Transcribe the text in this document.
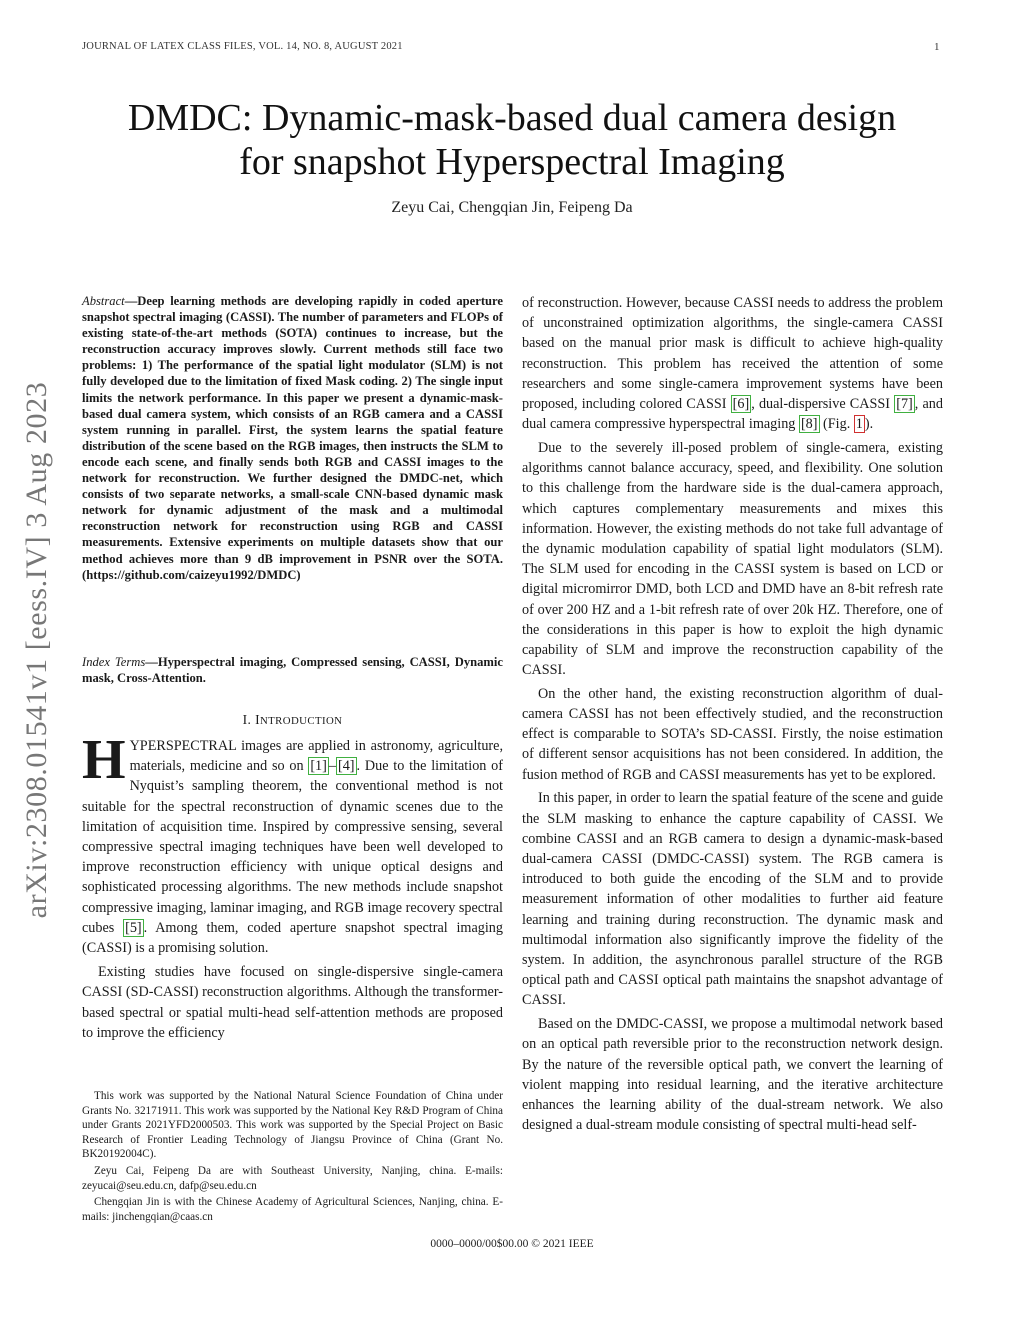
JOURNAL OF LATEX CLASS FILES, VOL. 14, NO. 8, AUGUST 2021	1
DMDC: Dynamic-mask-based dual camera design
for snapshot Hyperspectral Imaging
Zeyu Cai, Chengqian Jin, Feipeng Da
arXiv:2308.01541v1 [eess.IV] 3 Aug 2023
Abstract—Deep learning methods are developing rapidly in coded aperture snapshot spectral imaging (CASSI). The number of parameters and FLOPs of existing state-of-the-art methods (SOTA) continues to increase, but the reconstruction accuracy improves slowly. Current methods still face two problems: 1) The performance of the spatial light modulator (SLM) is not fully developed due to the limitation of fixed Mask coding. 2) The single input limits the network performance. In this paper we present a dynamic-mask-based dual camera system, which consists of an RGB camera and a CASSI system running in parallel. First, the system learns the spatial feature distribution of the scene based on the RGB images, then instructs the SLM to encode each scene, and finally sends both RGB and CASSI images to the network for reconstruction. We further designed the DMDC-net, which consists of two separate networks, a small-scale CNN-based dynamic mask network for dynamic adjustment of the mask and a multimodal reconstruction network for reconstruction using RGB and CASSI measurements. Extensive experiments on multiple datasets show that our method achieves more than 9 dB improvement in PSNR over the SOTA. (https://github.com/caizeyu1992/DMDC)
Index Terms—Hyperspectral imaging, Compressed sensing, CASSI, Dynamic mask, Cross-Attention.
I. INTRODUCTION

HYPERSPECTRAL images are applied in astronomy, agriculture, materials, medicine and so on [1] – [4] . Due to the limitation of Nyquist’s sampling theorem, the conventional method is not suitable for the spectral reconstruction of dynamic scenes due to the limitation of acquisition time. Inspired by compressive sensing, several compressive spectral imaging techniques have been well developed to improve reconstruction efficiency with unique optical designs and sophisticated processing algorithms. The new methods include snapshot compressive imaging, laminar imaging, and RGB image recovery spectral cubes [5] . Among them, coded aperture snapshot spectral imaging (CASSI) is a promising solution.

Existing studies have focused on single-dispersive single-camera CASSI (SD-CASSI) reconstruction algorithms. Although the transformer-based spectral or spatial multi-head self-attention methods are proposed to improve the efficiency

This work was supported by the National Natural Science Foundation of China under Grants No. 32171911. This work was supported by the National Key R&D Program of China under Grants 2021YFD2000503. This work was supported by the Special Project on Basic Research of Frontier Leading Technology of Jiangsu Province of China (Grant No. BK20192004C).

Zeyu Cai, Feipeng Da are with Southeast University, Nanjing, china. E-mails: zeyucai@seu.edu.cn, dafp@seu.edu.cn

Chengqian Jin is with the Chinese Academy of Agricultural Sciences, Nanjing, china. E-mails: jinchengqian@caas.cn

of reconstruction. However, because CASSI needs to address the problem of unconstrained optimization algorithms, the single-camera CASSI based on the manual prior mask is difficult to achieve high-quality reconstruction. This problem has received the attention of some researchers and some single-camera improvement systems have been proposed, including colored CASSI [6] , dual-dispersive CASSI [7] , and dual camera compressive hyperspectral imaging [8] (Fig. 1 ).

Due to the severely ill-posed problem of single-camera, existing algorithms cannot balance accuracy, speed, and flexibility. One solution to this challenge from the hardware side is the dual-camera approach, which captures complementary measurements and mixes this information. However, the existing methods do not take full advantage of the dynamic modulation capability of spatial light modulators (SLM). The SLM used for encoding in the CASSI system is based on LCD or digital micromirror DMD, both LCD and DMD have an 8-bit refresh rate of over 200 HZ and a 1-bit refresh rate of over 20k HZ. Therefore, one of the considerations in this paper is how to exploit the high dynamic capability of SLM and improve the reconstruction capability of the CASSI.

On the other hand, the existing reconstruction algorithm of dual-camera CASSI has not been effectively studied, and the reconstruction effect is comparable to SOTA’s SD-CASSI. Firstly, the noise estimation of different sensor acquisitions has not been considered. In addition, the fusion method of RGB and CASSI measurements has yet to be explored.

In this paper, in order to learn the spatial feature of the scene and guide the SLM masking to enhance the capture capability of CASSI. We combine CASSI and an RGB camera to design a dynamic-mask-based dual-camera CASSI (DMDC-CASSI) system. The RGB camera is introduced to both guide the encoding of the SLM and to provide measurement information of other modalities to further aid feature learning and training during reconstruction. The dynamic mask and multimodal information also significantly improve the fidelity of the system. In addition, the asynchronous parallel structure of the RGB optical path and CASSI optical path maintains the snapshot advantage of CASSI.

Based on the DMDC-CASSI, we propose a multimodal network based on an optical path reversible prior to the reconstruction network design. By the nature of the reversible optical path, we convert the learning of violent mapping into residual learning, and the iterative architecture enhances the learning ability of the dual-stream network. We also designed a dual-stream module consisting of spectral multi-head self-

0000–0000/00$00.00 © 2021 IEEE
